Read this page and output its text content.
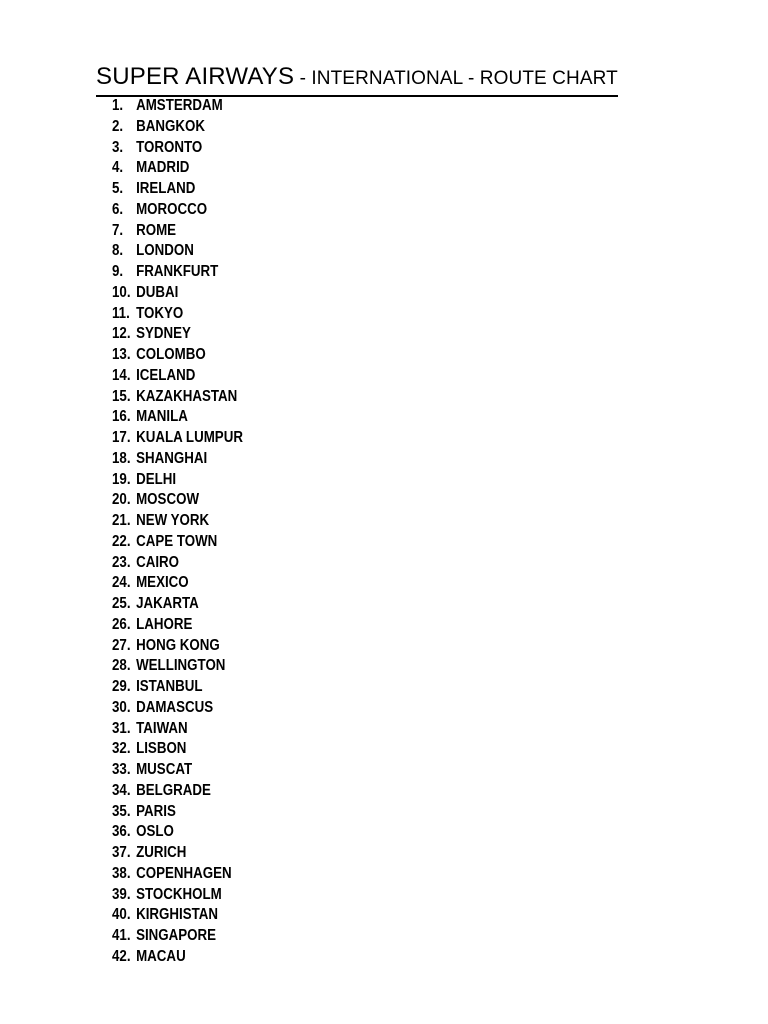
SUPER AIRWAYS - INTERNATIONAL - ROUTE CHART
1. AMSTERDAM
2. BANGKOK
3. TORONTO
4. MADRID
5. IRELAND
6. MOROCCO
7. ROME
8. LONDON
9. FRANKFURT
10. DUBAI
11. TOKYO
12. SYDNEY
13. COLOMBO
14. ICELAND
15. KAZAKHASTAN
16. MANILA
17. KUALA LUMPUR
18. SHANGHAI
19. DELHI
20. MOSCOW
21. NEW YORK
22. CAPE TOWN
23. CAIRO
24. MEXICO
25. JAKARTA
26. LAHORE
27. HONG KONG
28. WELLINGTON
29. ISTANBUL
30. DAMASCUS
31. TAIWAN
32. LISBON
33. MUSCAT
34. BELGRADE
35. PARIS
36. OSLO
37. ZURICH
38. COPENHAGEN
39. STOCKHOLM
40. KIRGHISTAN
41. SINGAPORE
42. MACAU
